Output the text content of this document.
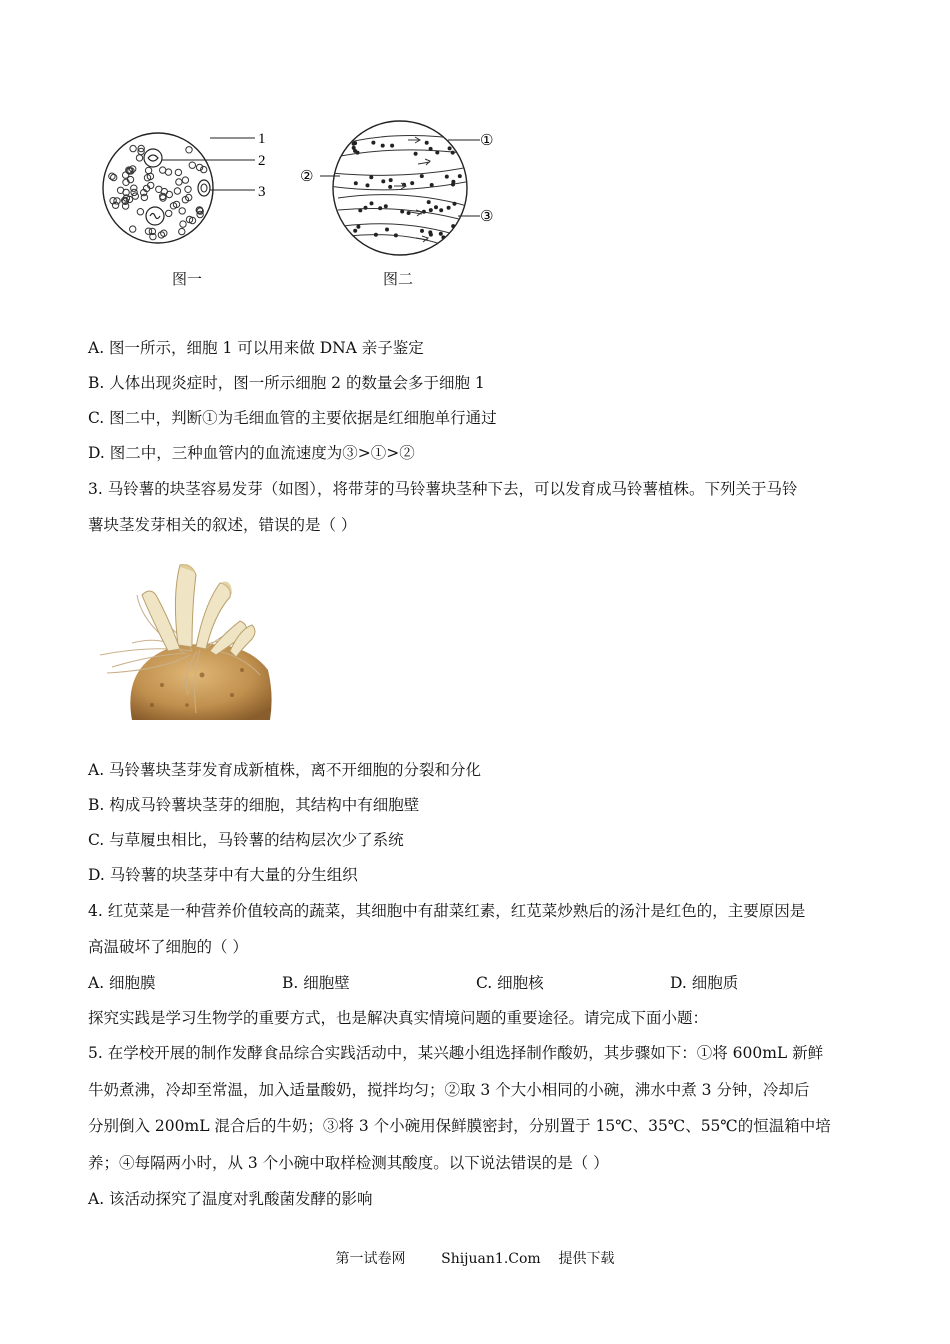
1
2
3
图一
①
②
③
图二
A. 图一所示，细胞 1 可以用来做 DNA 亲子鉴定
B. 人体出现炎症时，图一所示细胞 2 的数量会多于细胞 1
C. 图二中，判断①为毛细血管的主要依据是红细胞单行通过
D. 图二中，三种血管内的血流速度为③>①>②
3. 马铃薯的块茎容易发芽（如图），将带芽的马铃薯块茎种下去，可以发育成马铃薯植株。下列关于马铃
薯块茎发芽相关的叙述，错误的是（ ）
A. 马铃薯块茎芽发育成新植株，离不开细胞的分裂和分化
B. 构成马铃薯块茎芽的细胞，其结构中有细胞壁
C. 与草履虫相比，马铃薯的结构层次少了系统
D. 马铃薯的块茎芽中有大量的分生组织
4. 红苋菜是一种营养价值较高的蔬菜，其细胞中有甜菜红素，红苋菜炒熟后的汤汁是红色的，主要原因是
高温破坏了细胞的（ ）
A. 细胞膜	B. 细胞壁	C. 细胞核	D. 细胞质
探究实践是学习生物学的重要方式，也是解决真实情境问题的重要途径。请完成下面小题：
5. 在学校开展的制作发酵食品综合实践活动中，某兴趣小组选择制作酸奶，其步骤如下：①将 600mL 新鲜
牛奶煮沸，冷却至常温，加入适量酸奶，搅拌均匀；②取 3 个大小相同的小碗，沸水中煮 3 分钟，冷却后
分别倒入 200mL 混合后的牛奶；③将 3 个小碗用保鲜膜密封，分别置于 15℃、35℃、55℃的恒温箱中培
养；④每隔两小时，从 3 个小碗中取样检测其酸度。以下说法错误的是（ ）
A. 该活动探究了温度对乳酸菌发酵的影响
第一试卷网        Shijuan1.Com    提供下载
